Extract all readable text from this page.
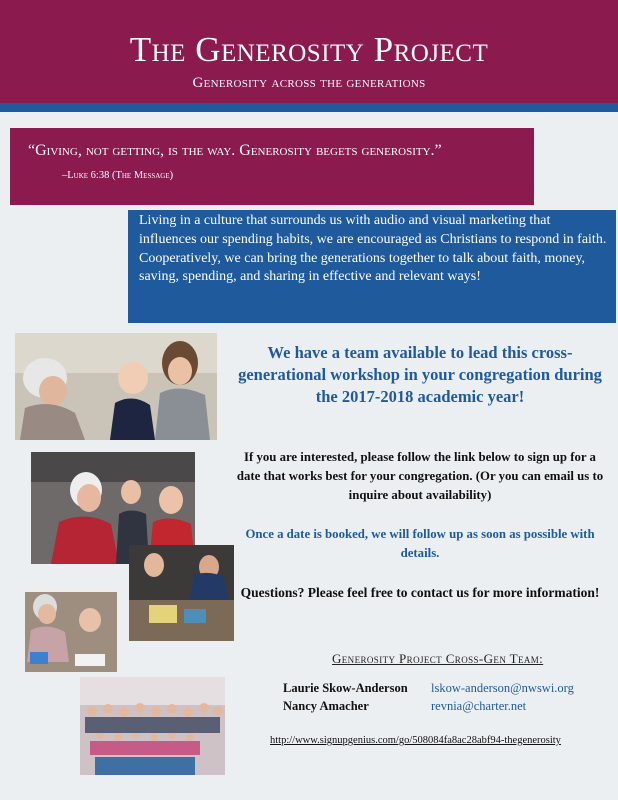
The Generosity Project
Generosity across the generations
“Giving, not getting, is the way. Generosity begets generosity.”
–Luke 6:38 (The Message)
Living in a culture that surrounds us with audio and visual marketing that influences our spending habits, we are encouraged as Christians to respond in faith. Cooperatively, we can bring the generations together to talk about faith, money, saving, spending, and sharing in effective and relevant ways!
We have a team available to lead this cross-generational workshop in your congregation during the 2017-2018 academic year!
If you are interested, please follow the link below to sign up for a date that works best for your congregation. (Or you can email us to inquire about availability)
Once a date is booked, we will follow up as soon as possible with details.
Questions? Please feel free to contact us for more information!
Generosity Project Cross-Gen Team:
Laurie Skow-Anderson lskow-anderson@nwswi.org
Nancy Amacher	revnia@charter.net
http://www.signupgenius.com/go/508084fa8ac28abf94-thegenerosity
